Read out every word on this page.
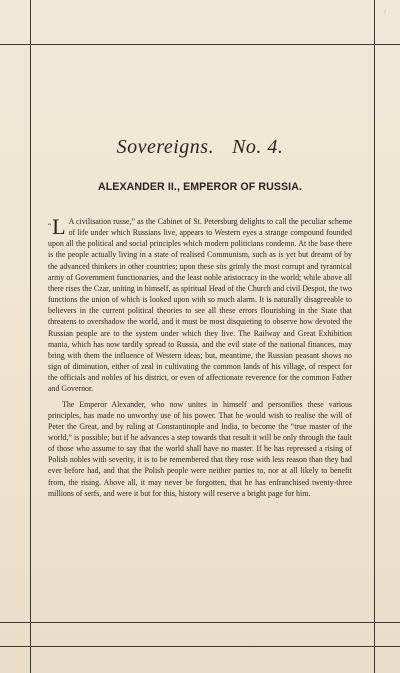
/
Sovereigns. No. 4.
ALEXANDER II., EMPEROR OF RUSSIA.

“L A civilisation russe,” as the Cabinet of St. Petersburg delights to call the peculiar scheme of life under which Russians live, appears to Western eyes a strange compound founded upon all the political and social principles which modern politicians condemn. At the base there is the people actually living in a state of realised Communism, such as is yet but dreamt of by the advanced thinkers in other countries; upon these sits grimly the most corrupt and tyrannical army of Government functionaries, and the least noble aristocracy in the world; while above all there rises the Czar, uniting in himself, as spiritual Head of the Church and civil Despot, the two functions the union of which is looked upon with so much alarm. It is naturally disagreeable to believers in the current political theories to see all these errors flourishing in the State that threatens to overshadow the world, and it must be most disquieting to observe how devoted the Russian people are to the system under which they live. The Railway and Great Exhibition mania, which has now tardily spread to Russia, and the evil state of the national finances, may bring with them the influence of Western ideas; but, meantime, the Russian peasant shows no sign of diminution, either of zeal in cultivating the common lands of his village, of respect for the officials and nobles of his district, or even of affectionate reverence for the common Father and Governor.

The Emperor Alexander, who now unites in himself and personifies these various principles, has made no unworthy use of his power. That he would wish to realise the will of Peter the Great, and by ruling at Constantinople and India, to become the “true master of the world,” is possible; but if he advances a step towards that result it will be only through the fault of those who assume to say that the world shall have no master. If he has repressed a rising of Polish nobles with severity, it is to be remembered that they rose with less reason than they had ever before had, and that the Polish people were neither parties to, nor at all likely to benefit from, the rising. Above all, it may never be forgotten, that he has enfranchised twenty-three millions of serfs, and were it but for this, history will reserve a bright page for him.
